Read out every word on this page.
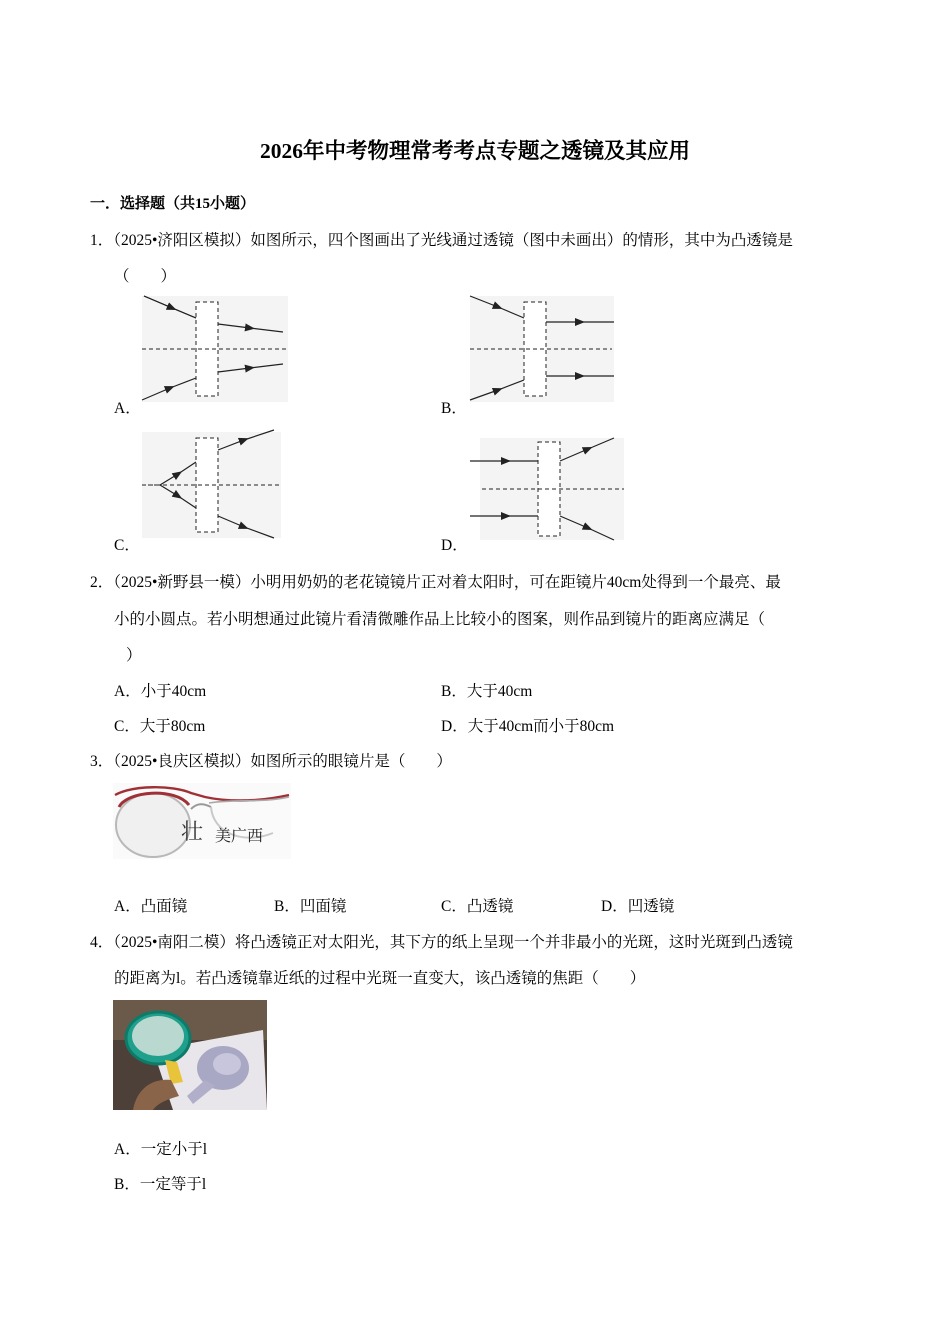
2026年中考物理常考考点专题之透镜及其应用
一．选择题（共15小题）
1．（2025•济阳区模拟）如图所示，四个图画出了光线通过透镜（图中未画出）的情形，其中为凸透镜是
（　　）
A．	B．
C．	D．
2．（2025•新野县一模）小明用奶奶的老花镜镜片正对着太阳时，可在距镜片40cm处得到一个最亮、最
小的小圆点。若小明想通过此镜片看清微雕作品上比较小的图案，则作品到镜片的距离应满足（
）
A．小于40cm	B．大于40cm
C．大于80cm	D．大于40cm而小于80cm
3．（2025•良庆区模拟）如图所示的眼镜片是（　　）
壮 美广西
A．凸面镜	B．凹面镜	C．凸透镜	D．凹透镜
4．（2025•南阳二模）将凸透镜正对太阳光，其下方的纸上呈现一个并非最小的光斑，这时光斑到凸透镜
的距离为l。若凸透镜靠近纸的过程中光斑一直变大，该凸透镜的焦距（　　）
A．一定小于l
B．一定等于l
